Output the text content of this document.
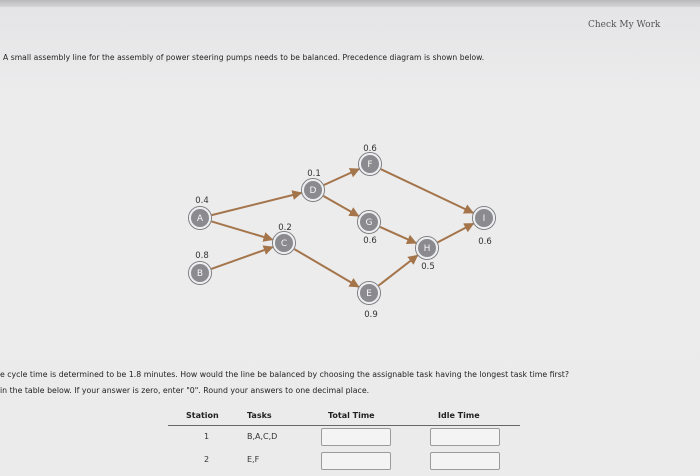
Check My Work
A small assembly line for the assembly of power steering pumps needs to be balanced. Precedence diagram is shown below.
A
0.4
B
0.8
C
0.2
D
0.1
F
0.6
G
0.6
E
0.9
H
0.5
I
0.6
e cycle time is determined to be 1.8 minutes. How would the line be balanced by choosing the assignable task having the longest task time first?
in the table below. If your answer is zero, enter "0". Round your answers to one decimal place.
Station	Tasks	Total Time	Idle Time
1	B,A,C,D
2	E,F
